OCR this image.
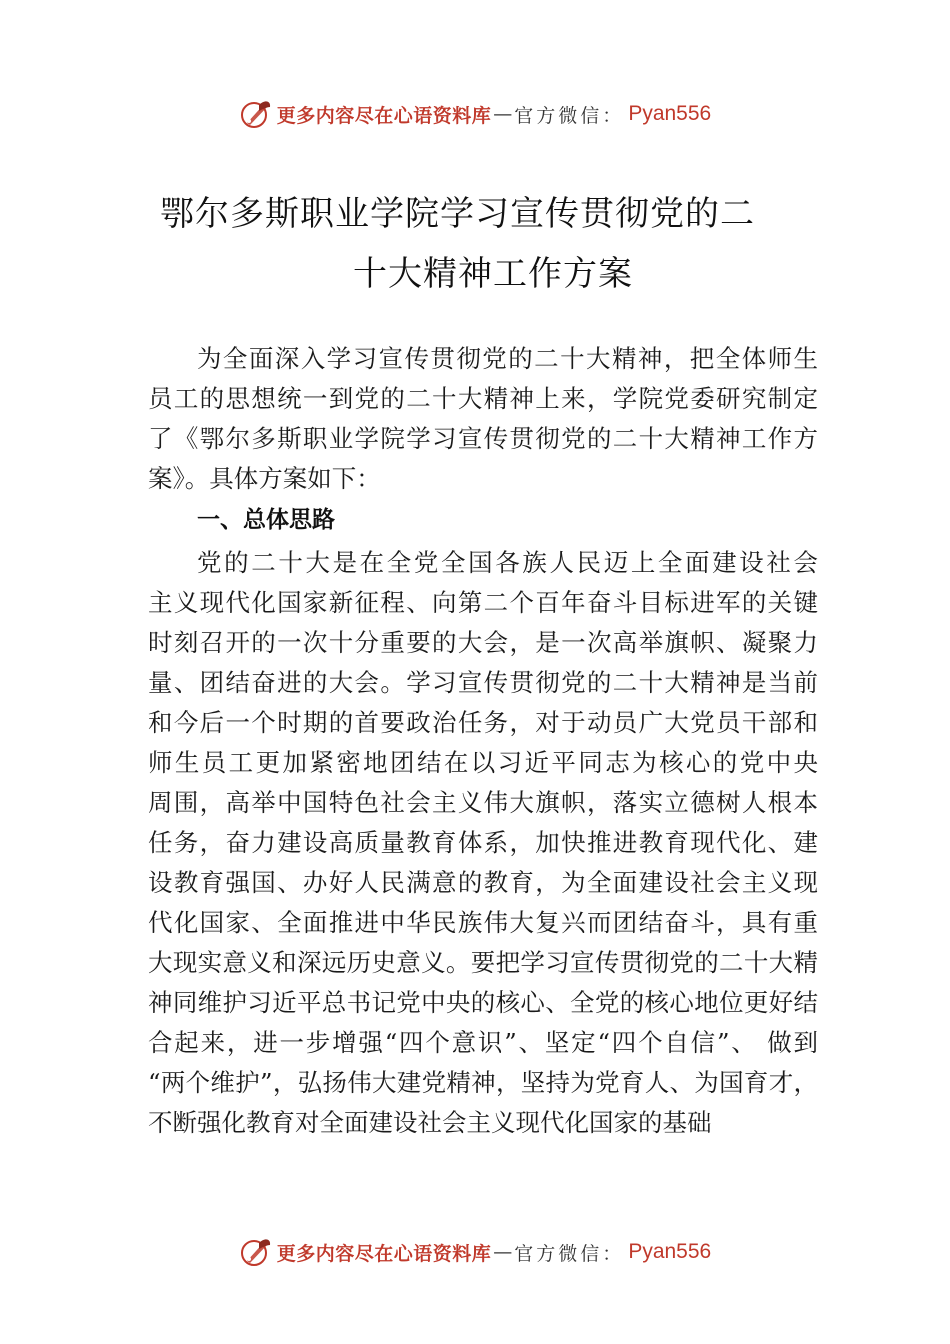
更多内容尽在心语资料库 — 官方微信： Pyan556
鄂尔多斯职业学院学习宣传贯彻党的二
十大精神工作方案
为全面深入学习宣传贯彻党的二十大精神，把全体师生
员工的思想统一到党的二十大精神上来，学院党委研究制定
了《鄂尔多斯职业学院学习宣传贯彻党的二十大精神工作方
案》。具体方案如下：
一、总体思路
党的二十大是在全党全国各族人民迈上全面建设社会
主义现代化国家新征程、向第二个百年奋斗目标进军的关键
时刻召开的一次十分重要的大会，是一次高举旗帜、凝聚力
量、团结奋进的大会。学习宣传贯彻党的二十大精神是当前
和今后一个时期的首要政治任务，对于动员广大党员干部和
师生员工更加紧密地团结在以习近平同志为核心的党中央
周围，高举中国特色社会主义伟大旗帜，落实立德树人根本
任务，奋力建设高质量教育体系，加快推进教育现代化、建
设教育强国、办好人民满意的教育，为全面建设社会主义现
代化国家、全面推进中华民族伟大复兴而团结奋斗，具有重
大现实意义和深远历史意义。要把学习宣传贯彻党的二十大精
神同维护习近平总书记党中央的核心、全党的核心地位更好结
合起来，进一步增强“四个意识”、坚定“四个自信”、 做到
“两个维护”，弘扬伟大建党精神，坚持为党育人、为国育才，
不断强化教育对全面建设社会主义现代化国家的基础
更多内容尽在心语资料库 — 官方微信： Pyan556
